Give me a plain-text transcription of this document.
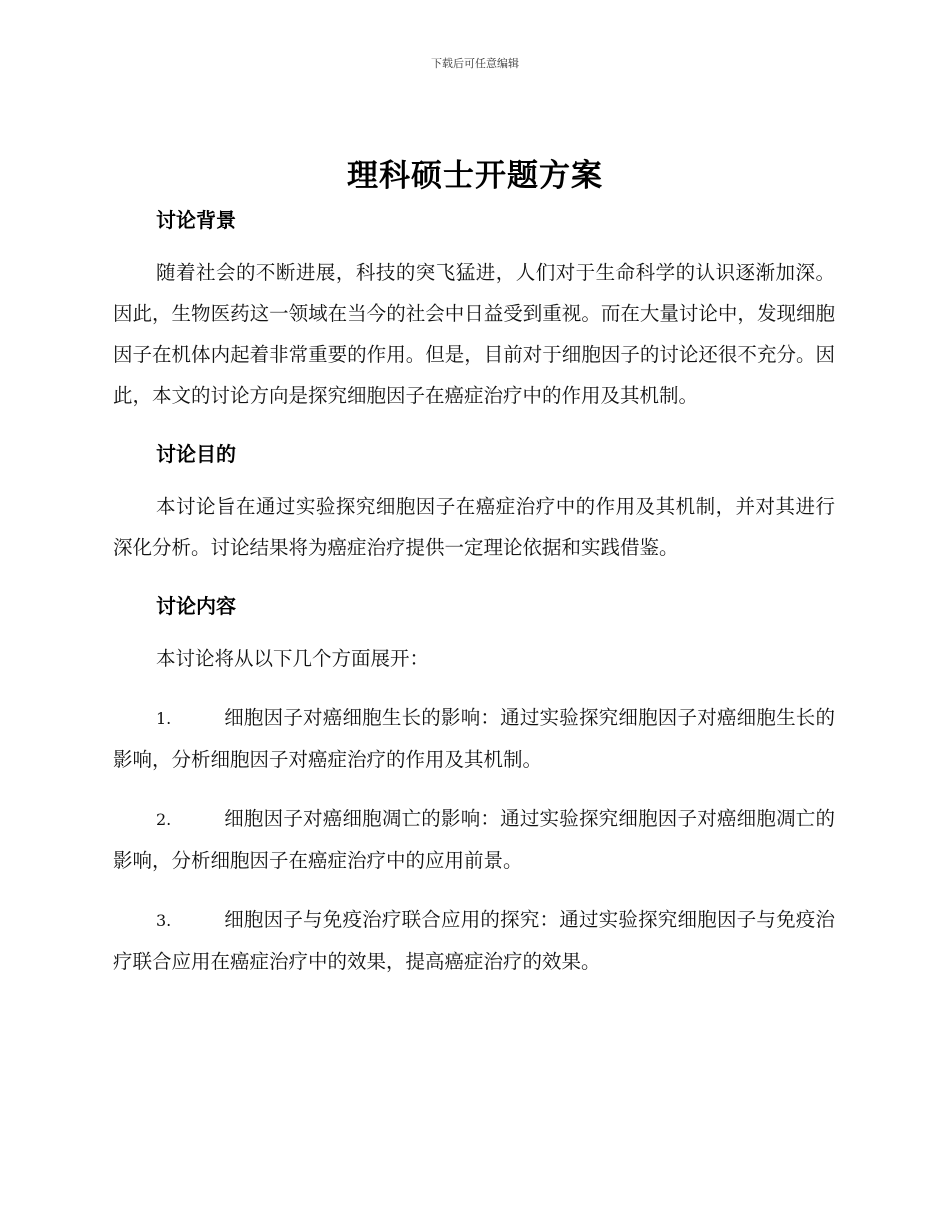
下载后可任意编辑
理科硕士开题方案
讨论背景

随着社会的不断进展，科技的突飞猛进，人们对于生命科学的认识逐渐加深。因此，生物医药这一领域在当今的社会中日益受到重视。而在大量讨论中，发现细胞因子在机体内起着非常重要的作用。但是，目前对于细胞因子的讨论还很不充分。因此，本文的讨论方向是探究细胞因子在癌症治疗中的作用及其机制。

讨论目的

本讨论旨在通过实验探究细胞因子在癌症治疗中的作用及其机制，并对其进行深化分析。讨论结果将为癌症治疗提供一定理论依据和实践借鉴。

讨论内容

本讨论将从以下几个方面展开：

1.	细胞因子对癌细胞生长的影响：通过实验探究细胞因子对癌细胞生长的影响，分析细胞因子对癌症治疗的作用及其机制。

2.	细胞因子对癌细胞凋亡的影响：通过实验探究细胞因子对癌细胞凋亡的影响，分析细胞因子在癌症治疗中的应用前景。

3.	细胞因子与免疫治疗联合应用的探究：通过实验探究细胞因子与免疫治疗联合应用在癌症治疗中的效果，提高癌症治疗的效果。
